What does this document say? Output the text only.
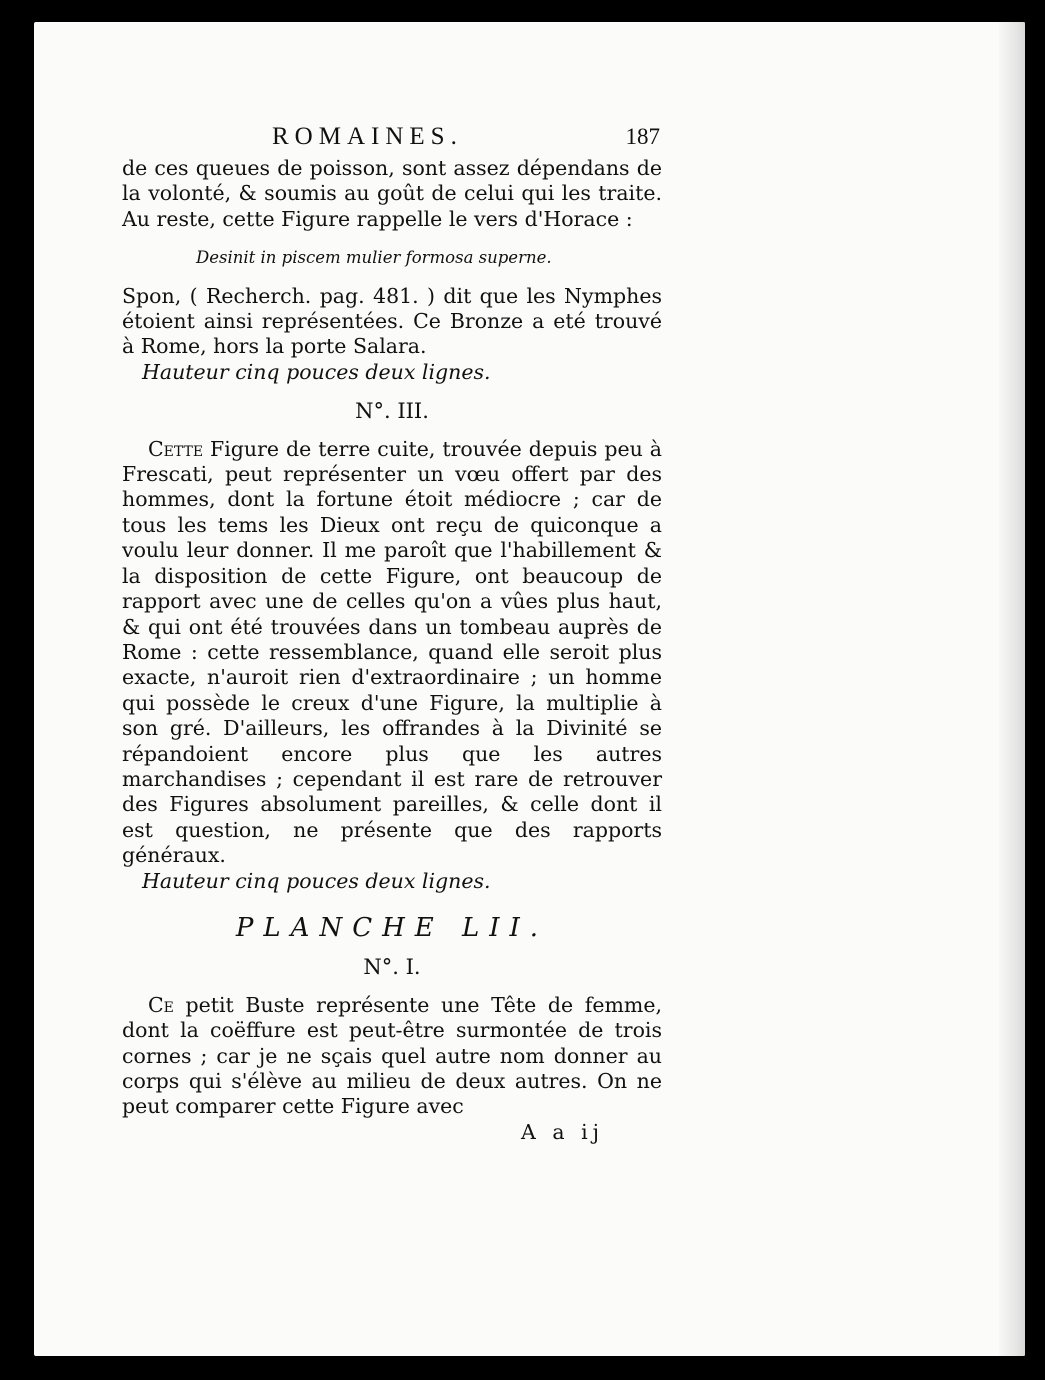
ROMAINES.	187

de ces queues de poisson, sont assez dépendans de la volonté, & soumis au goût de celui qui les traite. Au reste, cette Figure rappelle le vers d'Horace :

Desinit in piscem mulier formosa superne.

Spon, ( Recherch. pag. 481. ) dit que les Nymphes étoient ainsi représentées. Ce Bronze a eté trouvé à Rome, hors la porte Salara.

Hauteur cinq pouces deux lignes.

N°. III.

Cette Figure de terre cuite, trouvée depuis peu à Frescati, peut représenter un vœu offert par des hommes, dont la fortune étoit médiocre ; car de tous les tems les Dieux ont reçu de quiconque a voulu leur donner. Il me paroît que l'habillement & la disposition de cette Figure, ont beaucoup de rapport avec une de celles qu'on a vûes plus haut, & qui ont été trouvées dans un tombeau auprès de Rome : cette ressemblance, quand elle seroit plus exacte, n'auroit rien d'extraordinaire ; un homme qui possède le creux d'une Figure, la multiplie à son gré. D'ailleurs, les offrandes à la Divinité se répandoient encore plus que les autres marchandises ; cependant il est rare de retrouver des Figures absolument pareilles, & celle dont il est question, ne présente que des rapports généraux.

Hauteur cinq pouces deux lignes.

PLANCHE LII.

N°. I.

Ce petit Buste représente une Tête de femme, dont la coëffure est peut-être surmontée de trois cornes ; car je ne sçais quel autre nom donner au corps qui s'élève au milieu de deux autres. On ne peut comparer cette Figure avec

A a ij
